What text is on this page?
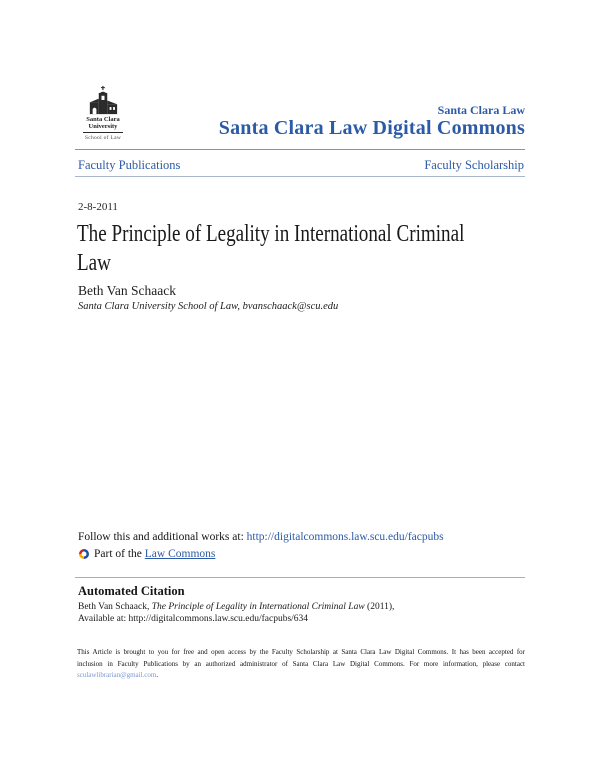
Santa Clara
University
School of Law
Santa Clara Law
Santa Clara Law Digital Commons
Faculty Publications	Faculty Scholarship
2-8-2011
The Principle of Legality in International Criminal
Law
Beth Van Schaack
Santa Clara University School of Law, bvanschaack@scu.edu
Follow this and additional works at: http://digitalcommons.law.scu.edu/facpubs
Part of the
Law Commons
Automated Citation
Beth Van Schaack, The Principle of Legality in International Criminal Law (2011),
Available at: http://digitalcommons.law.scu.edu/facpubs/634
This Article is brought to you for free and open access by the Faculty Scholarship at Santa Clara Law Digital Commons. It has been accepted for
inclusion in Faculty Publications by an authorized administrator of Santa Clara Law Digital Commons. For more information, please contact
sculawlibrarian@gmail.com.
